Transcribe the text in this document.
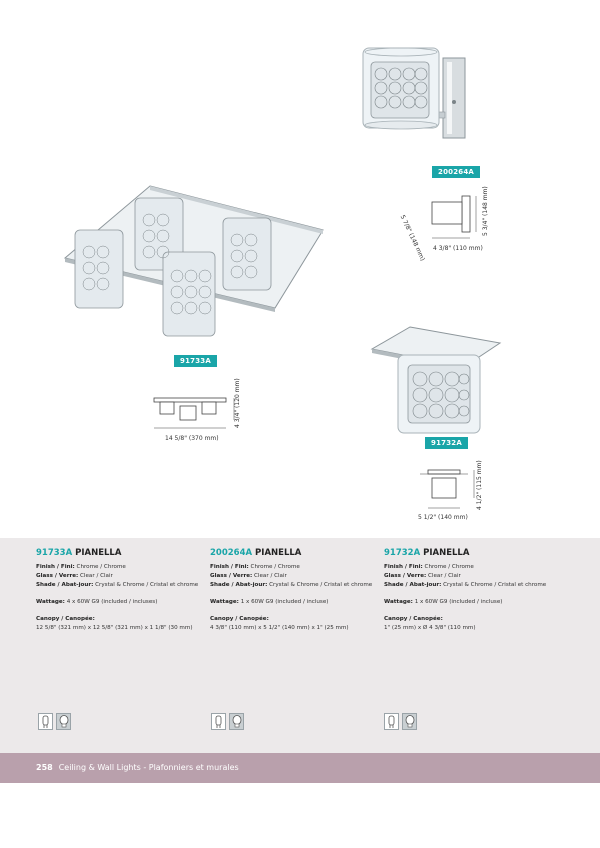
200264A
5 7/8" (148 mm)
5 3/4" (148 mm)
4 3/8" (110 mm)
91733A
4 3/4" (120 mm)
14 5/8" (370 mm)
91732A
4 1/2" (115 mm)
5 1/2" (140 mm)
91733A PIANELLA
Finish / Fini: Chrome / Chrome
Glass / Verre: Clear / Clair
Shade / Abat-jour: Crystal & Chrome / Cristal et chrome
Wattage: 4 x 60W G9 (included / incluses)
Canopy / Canopée:
12 5/8" (321 mm) x 12 5/8" (321 mm) x 1 1/8" (30 mm)
200264A PIANELLA
Finish / Fini: Chrome / Chrome
Glass / Verre: Clear / Clair
Shade / Abat-jour: Crystal & Chrome / Cristal et chrome
Wattage: 1 x 60W G9 (included / incluse)
Canopy / Canopée:
4 3/8" (110 mm) x 5 1/2" (140 mm) x 1" (25 mm)
91732A PIANELLA
Finish / Fini: Chrome / Chrome
Glass / Verre: Clear / Clair
Shade / Abat-jour: Crystal & Chrome / Cristal et chrome
Wattage: 1 x 60W G9 (included / incluse)
Canopy / Canopée:
1" (25 mm) x Ø 4 3/8" (110 mm)
258 Ceiling & Wall Lights - Plafonniers et murales
